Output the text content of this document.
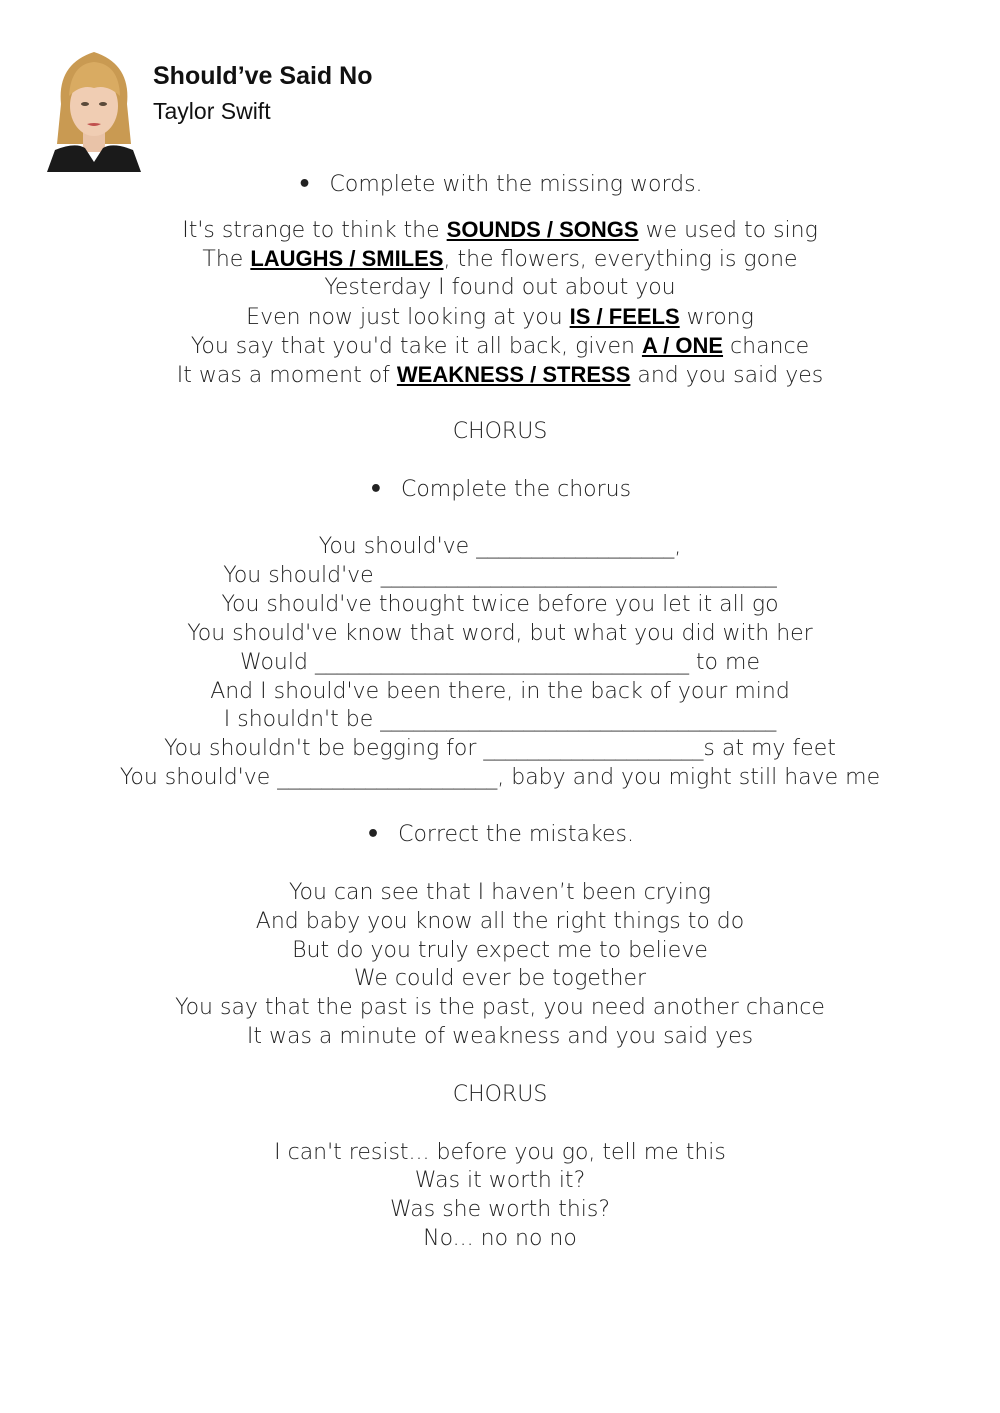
Should’ve Said No
Taylor Swift
• Complete with the missing words.
It's strange to think the SOUNDS / SONGS we used to sing
The LAUGHS / SMILES, the flowers, everything is gone
Yesterday I found out about you
Even now just looking at you IS / FEELS wrong
You say that you'd take it all back, given A / ONE chance
It was a moment of WEAKNESS / STRESS and you said yes
CHORUS
• Complete the chorus
You should've __________________,
You should've ____________________________________
You should've thought twice before you let it all go
You should've know that word, but what you did with her
Would __________________________________ to me
And I should've been there, in the back of your mind
I shouldn't be ____________________________________
You shouldn't be begging for ____________________s at my feet
You should've ____________________, baby and you might still have me
• Correct the mistakes.
You can see that I haven’t been crying
And baby you know all the right things to do
But do you truly expect me to believe
We could ever be together
You say that the past is the past, you need another chance
It was a minute of weakness and you said yes
CHORUS
I can't resist... before you go, tell me this
Was it worth it?
Was she worth this?
No... no no no
